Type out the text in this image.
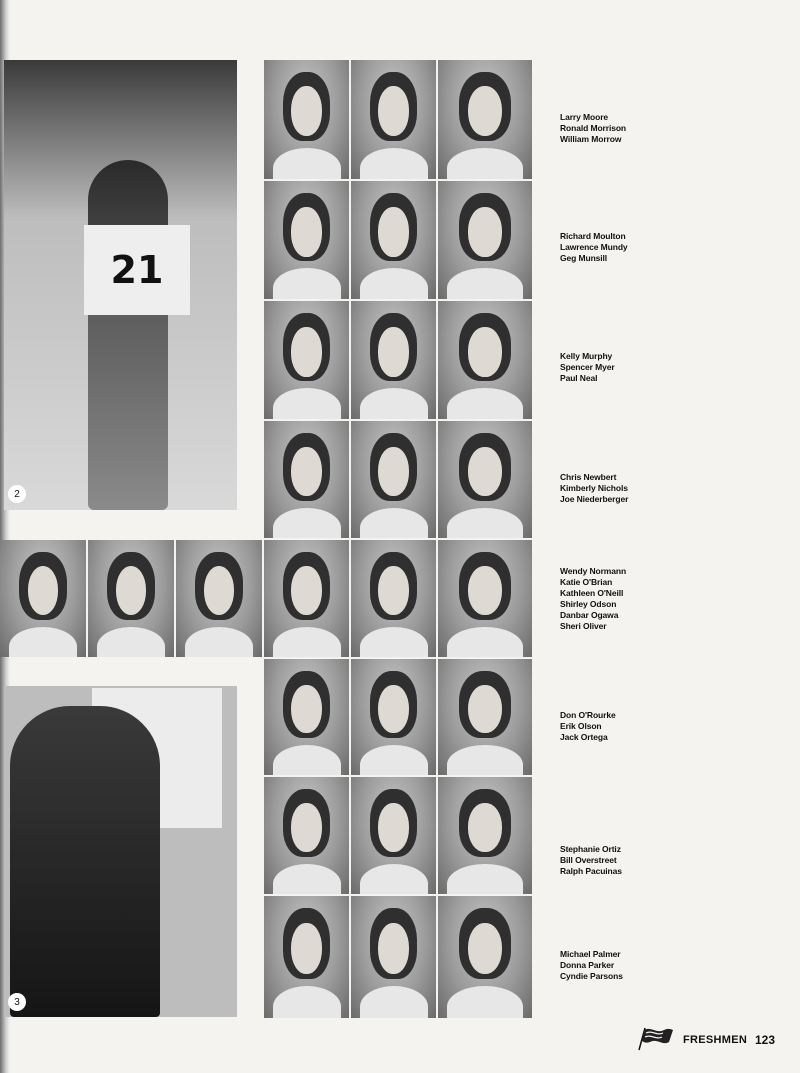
21
2
3
Larry Moore
Ronald Morrison
William Morrow
Richard Moulton
Lawrence Mundy
Geg Munsill
Kelly Murphy
Spencer Myer
Paul Neal
Chris Newbert
Kimberly Nichols
Joe Niederberger
Wendy Normann
Katie O'Brian
Kathleen O'Neill
Shirley Odson
Danbar Ogawa
Sheri Oliver
Don O'Rourke
Erik Olson
Jack Ortega
Stephanie Ortiz
Bill Overstreet
Ralph Pacuinas
Michael Palmer
Donna Parker
Cyndie Parsons
FRESHMEN 123
